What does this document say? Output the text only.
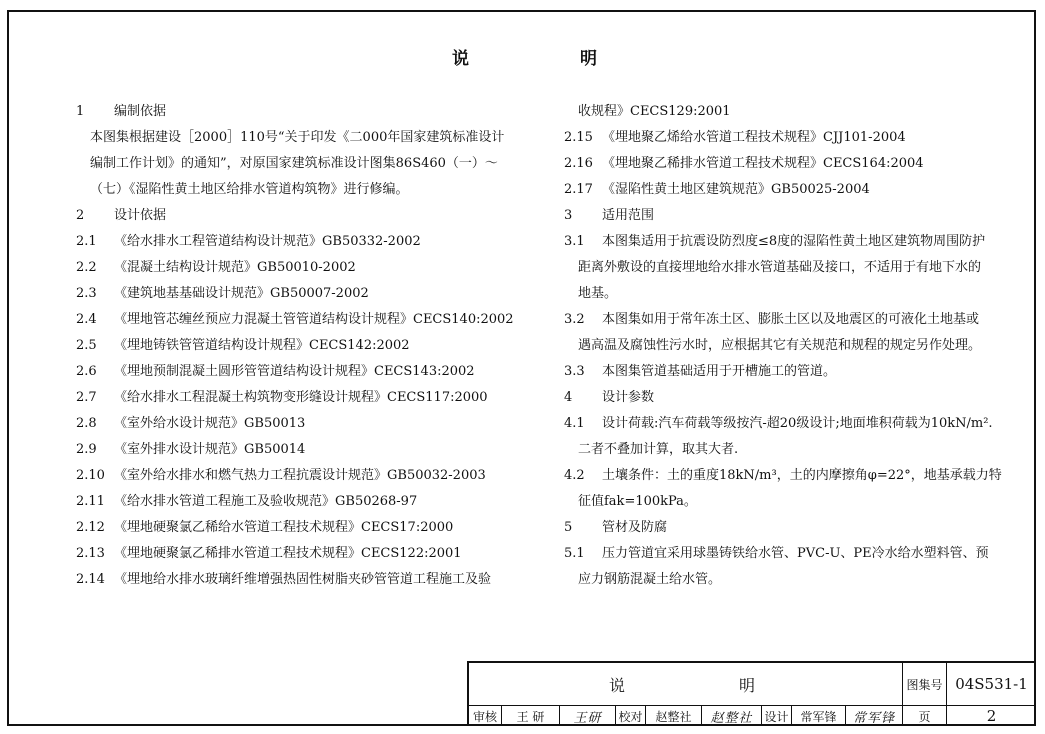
说	明
1 编制依据
本图集根据建设［2000］110号“关于印发《二000年国家建筑标准设计
编制工作计划》的通知”，对原国家建筑标准设计图集86S460（一）～
（七）《湿陷性黄土地区给排水管道构筑物》进行修编。
2 设计依据
2.1 《给水排水工程管道结构设计规范》GB50332-2002
2.2 《混凝土结构设计规范》GB50010-2002
2.3 《建筑地基基础设计规范》GB50007-2002
2.4 《埋地管芯缠丝预应力混凝土管管道结构设计规程》CECS140:2002
2.5 《埋地铸铁管管道结构设计规程》CECS142:2002
2.6 《埋地预制混凝土圆形管管道结构设计规程》CECS143:2002
2.7 《给水排水工程混凝土构筑物变形缝设计规程》CECS117:2000
2.8 《室外给水设计规范》GB50013
2.9 《室外排水设计规范》GB50014
2.10 《室外给水排水和燃气热力工程抗震设计规范》GB50032-2003
2.11 《给水排水管道工程施工及验收规范》GB50268-97
2.12 《埋地硬聚氯乙稀给水管道工程技术规程》CECS17:2000
2.13 《埋地硬聚氯乙稀排水管道工程技术规程》CECS122:2001
2.14 《埋地给水排水玻璃纤维增强热固性树脂夹砂管管道工程施工及验
收规程》CECS129:2001
2.15 《埋地聚乙烯给水管道工程技术规程》CJJ101-2004
2.16 《埋地聚乙稀排水管道工程技术规程》CECS164:2004
2.17 《湿陷性黄土地区建筑规范》GB50025-2004
3 适用范围
3.1 本图集适用于抗震设防烈度≤8度的湿陷性黄土地区建筑物周围防护
距离外敷设的直接埋地给水排水管道基础及接口，不适用于有地下水的
地基。
3.2 本图集如用于常年冻土区、膨胀土区以及地震区的可液化土地基或
遇高温及腐蚀性污水时，应根据其它有关规范和规程的规定另作处理。
3.3 本图集管道基础适用于开槽施工的管道。
4 设计参数
4.1 设计荷载:汽车荷载等级按汽-超20级设计;地面堆积荷载为10kN/m².
二者不叠加计算，取其大者.
4.2 土壤条件：土的重度18kN/m³，土的内摩擦角φ=22°，地基承载力特
征值fak=100kPa。
5 管材及防腐
5.1 压力管道宜采用球墨铸铁给水管、PVC-U、PE冷水给水塑料管、预
应力钢筋混凝土给水管。
说	明	图集号 04S531-1
审核	王 研	王研	校对	赵整社	赵整社 设计 常军锋	常军锋	页	2
